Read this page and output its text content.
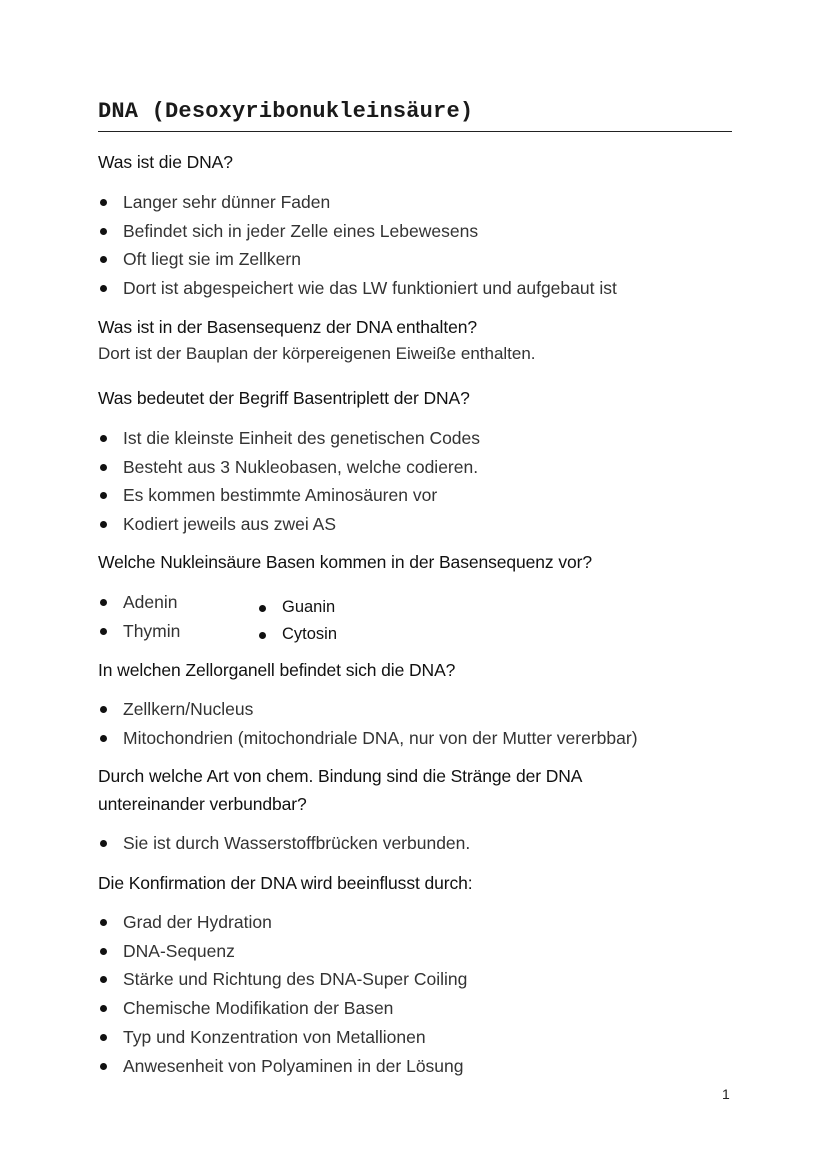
DNA (Desoxyribonukleinsäure)
Was ist die DNA?
Langer sehr dünner Faden
Befindet sich in jeder Zelle eines Lebewesens
Oft liegt sie im Zellkern
Dort ist abgespeichert wie das LW funktioniert und aufgebaut ist
Was ist in der Basensequenz der DNA enthalten?

Dort ist der Bauplan der körpereigenen Eiweiße enthalten.

Was bedeutet der Begriff Basentriplett der DNA?
Ist die kleinste Einheit des genetischen Codes
Besteht aus 3 Nukleobasen, welche codieren.
Es kommen bestimmte Aminosäuren vor
Kodiert jeweils aus zwei AS
Welche Nukleinsäure Basen kommen in der Basensequenz vor?
Adenin
Thymin
Guanin
Cytosin
In welchen Zellorganell befindet sich die DNA?
Zellkern/Nucleus
Mitochondrien (mitochondriale DNA, nur von der Mutter vererbbar)
Durch welche Art von chem. Bindung sind die Stränge der DNA
untereinander verbundbar?
Sie ist durch Wasserstoffbrücken verbunden.
Die Konfirmation der DNA wird beeinflusst durch:
Grad der Hydration
DNA-Sequenz
Stärke und Richtung des DNA-Super Coiling
Chemische Modifikation der Basen
Typ und Konzentration von Metallionen
Anwesenheit von Polyaminen in der Lösung
1
